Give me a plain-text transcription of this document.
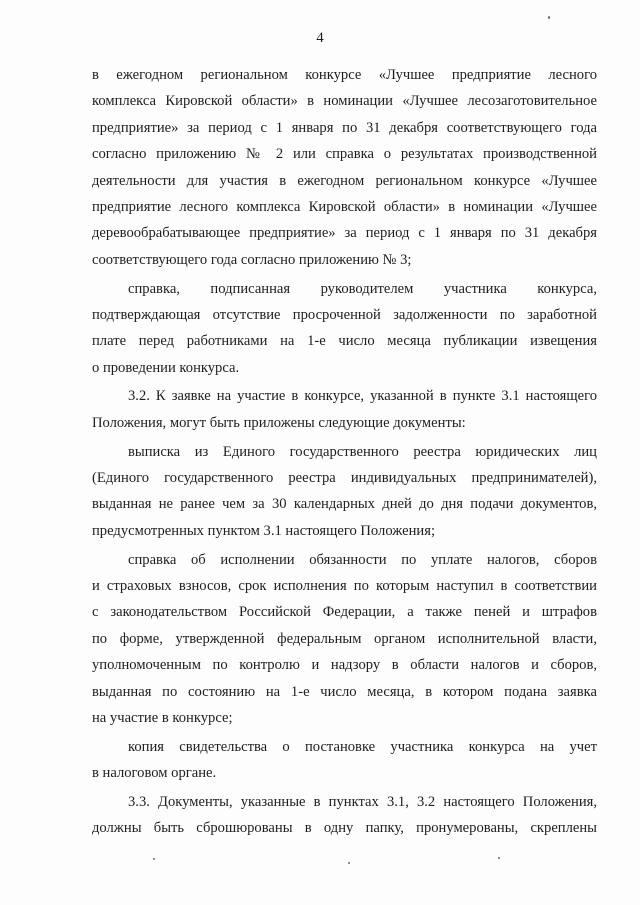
4
в ежегодном региональном конкурсе «Лучшее предприятие лесного
комплекса Кировской области» в номинации «Лучшее лесозаготовительное
предприятие» за период с 1 января по 31 декабря соответствующего года
согласно приложению № 2 или справка о результатах производственной
деятельности для участия в ежегодном региональном конкурсе «Лучшее
предприятие лесного комплекса Кировской области» в номинации «Лучшее
деревообрабатывающее предприятие» за период с 1 января по 31 декабря
соответствующего года согласно приложению № 3;
справка, подписанная руководителем участника конкурса,
подтверждающая отсутствие просроченной задолженности по заработной
плате перед работниками на 1-е число месяца публикации извещения
о проведении конкурса.
3.2. К заявке на участие в конкурсе, указанной в пункте 3.1 настоящего
Положения, могут быть приложены следующие документы:
выписка из Единого государственного реестра юридических лиц
(Единого государственного реестра индивидуальных предпринимателей),
выданная не ранее чем за 30 календарных дней до дня подачи документов,
предусмотренных пунктом 3.1 настоящего Положения;
справка об исполнении обязанности по уплате налогов, сборов
и страховых взносов, срок исполнения по которым наступил в соответствии
с законодательством Российской Федерации, а также пеней и штрафов
по форме, утвержденной федеральным органом исполнительной власти,
уполномоченным по контролю и надзору в области налогов и сборов,
выданная по состоянию на 1-е число месяца, в котором подана заявка
на участие в конкурсе;
копия свидетельства о постановке участника конкурса на учет
в налоговом органе.
3.3. Документы, указанные в пунктах 3.1, 3.2 настоящего Положения,
должны быть сброшюрованы в одну папку, пронумерованы, скреплены
